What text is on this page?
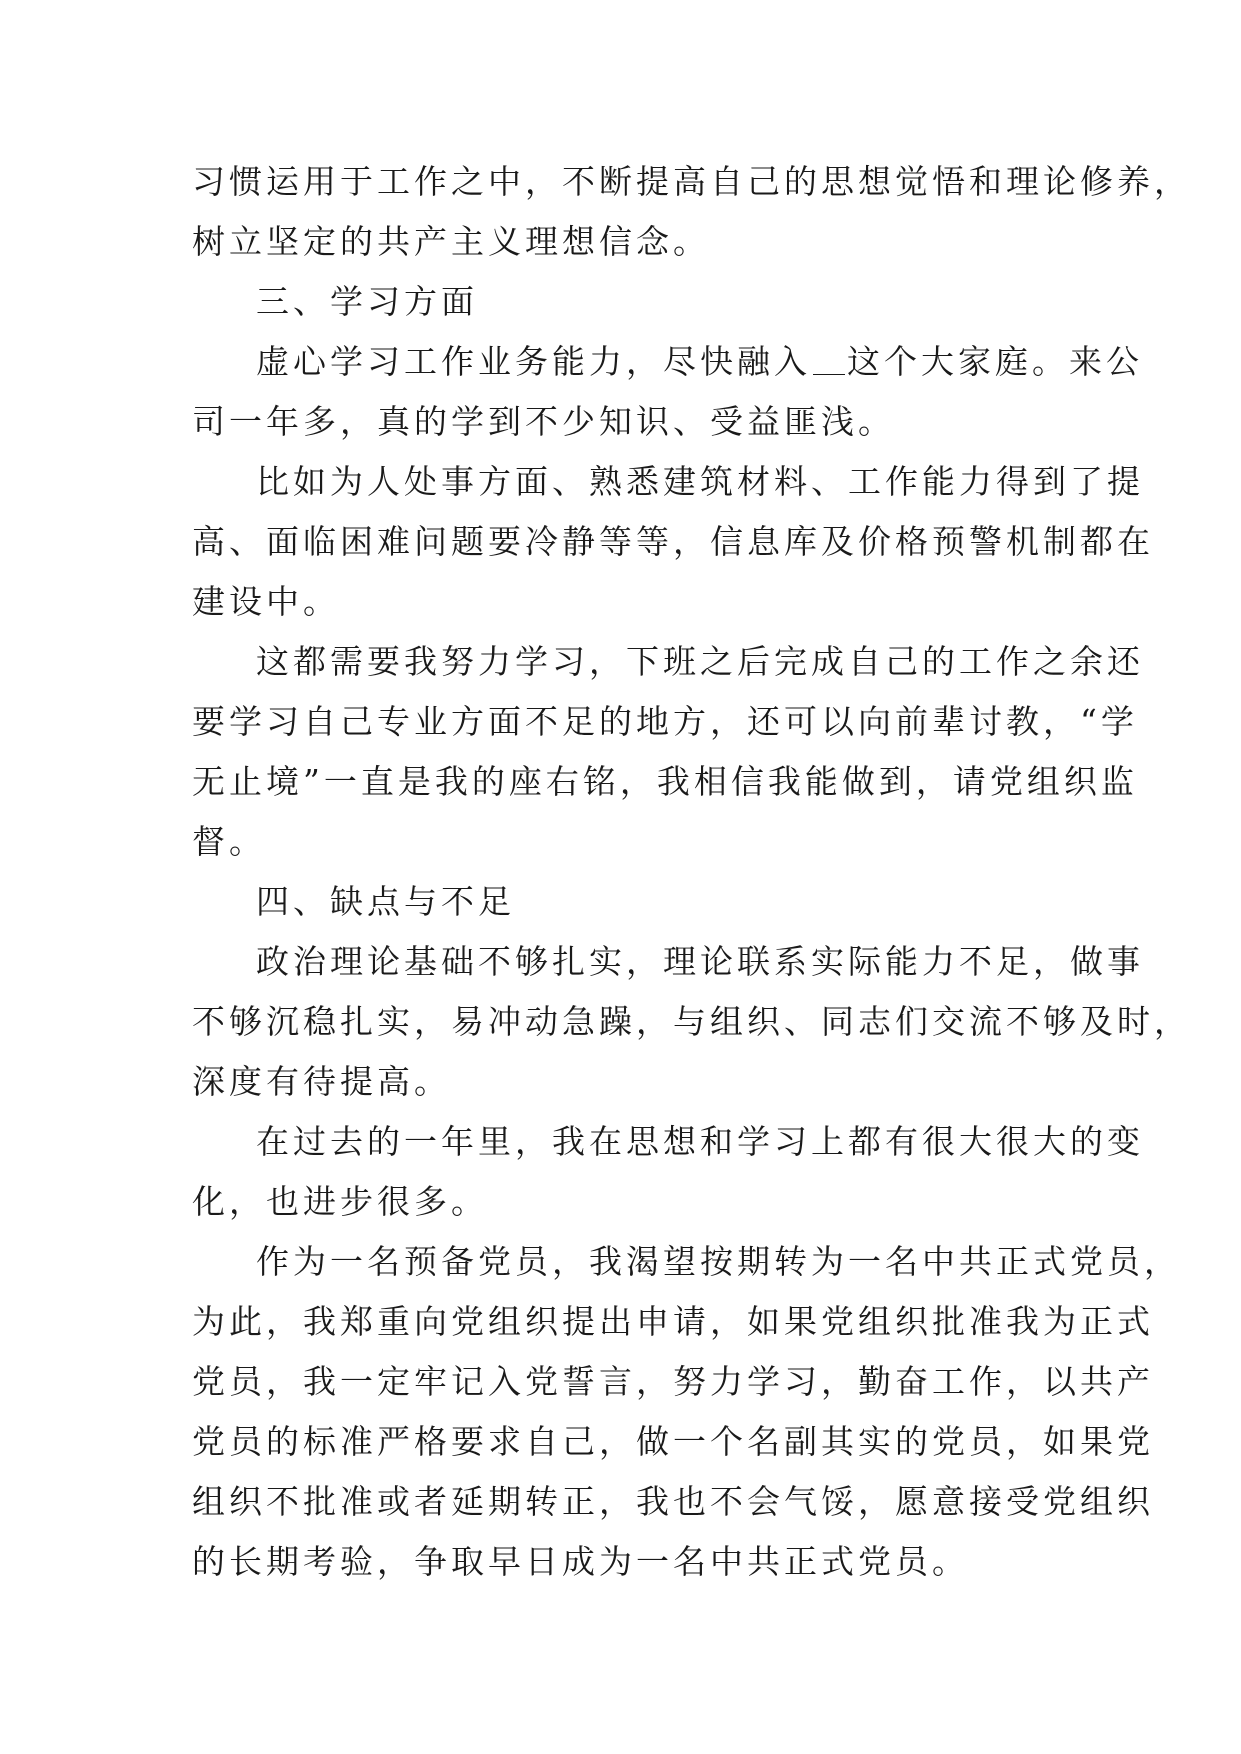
习惯运用于工作之中，不断提高自己的思想觉悟和理论修养，

树立坚定的共产主义理想信念。

三、学习方面

虚心学习工作业务能力，尽快融入 这个大家庭。来公

司一年多，真的学到不少知识、受益匪浅。

比如为人处事方面、熟悉建筑材料、工作能力得到了提

高、面临困难问题要冷静等等，信息库及价格预警机制都在

建设中。

这都需要我努力学习，下班之后完成自己的工作之余还

要学习自己专业方面不足的地方，还可以向前辈讨教，“学

无止境”一直是我的座右铭，我相信我能做到，请党组织监

督。

四、缺点与不足

政治理论基础不够扎实，理论联系实际能力不足，做事

不够沉稳扎实，易冲动急躁，与组织、同志们交流不够及时，

深度有待提高。

在过去的一年里，我在思想和学习上都有很大很大的变

化，也进步很多。

作为一名预备党员，我渴望按期转为一名中共正式党员，

为此，我郑重向党组织提出申请，如果党组织批准我为正式

党员，我一定牢记入党誓言，努力学习，勤奋工作，以共产

党员的标准严格要求自己，做一个名副其实的党员，如果党

组织不批准或者延期转正，我也不会气馁，愿意接受党组织

的长期考验，争取早日成为一名中共正式党员。
